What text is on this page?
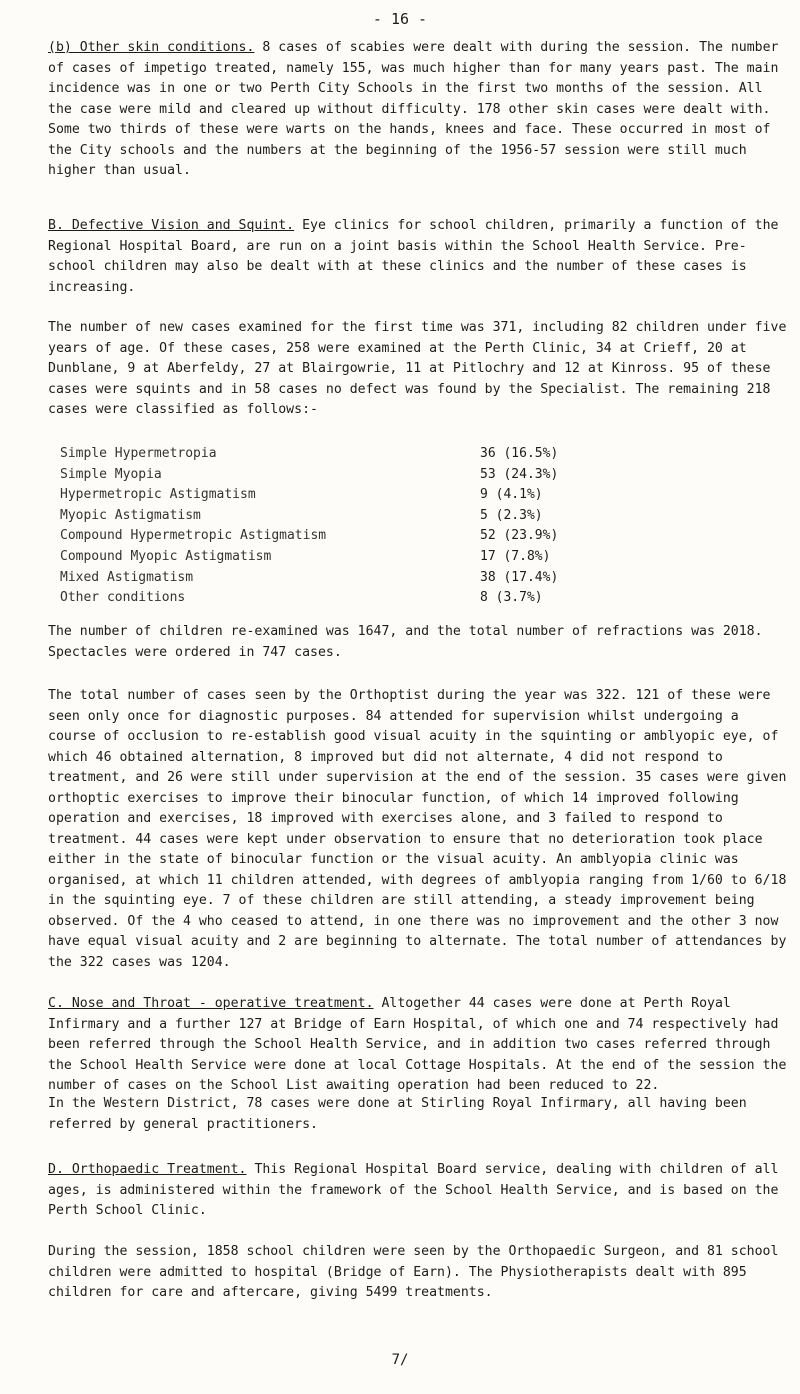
- 16 -

(b) Other skin conditions. 8 cases of scabies were dealt with during the session. The number of cases of impetigo treated, namely 155, was much higher than for many years past. The main incidence was in one or two Perth City Schools in the first two months of the session. All the case were mild and cleared up without difficulty. 178 other skin cases were dealt with. Some two thirds of these were warts on the hands, knees and face. These occurred in most of the City schools and the numbers at the beginning of the 1956-57 session were still much higher than usual.

B. Defective Vision and Squint. Eye clinics for school children, primarily a function of the Regional Hospital Board, are run on a joint basis within the School Health Service. Pre-school children may also be dealt with at these clinics and the number of these cases is increasing.

The number of new cases examined for the first time was 371, including 82 children under five years of age. Of these cases, 258 were examined at the Perth Clinic, 34 at Crieff, 20 at Dunblane, 9 at Aberfeldy, 27 at Blairgowrie, 11 at Pitlochry and 12 at Kinross. 95 of these cases were squints and in 58 cases no defect was found by the Specialist. The remaining 218 cases were classified as follows:-

Simple Hypermetropia	36 (16.5%)
Simple Myopia	53 (24.3%)
Hypermetropic Astigmatism	9 (4.1%)
Myopic Astigmatism	5 (2.3%)
Compound Hypermetropic Astigmatism	52 (23.9%)
Compound Myopic Astigmatism	17 (7.8%)
Mixed Astigmatism	38 (17.4%)
Other conditions	8 (3.7%)

The number of children re-examined was 1647, and the total number of refractions was 2018. Spectacles were ordered in 747 cases.

The total number of cases seen by the Orthoptist during the year was 322. 121 of these were seen only once for diagnostic purposes. 84 attended for supervision whilst undergoing a course of occlusion to re-establish good visual acuity in the squinting or amblyopic eye, of which 46 obtained alternation, 8 improved but did not alternate, 4 did not respond to treatment, and 26 were still under supervision at the end of the session. 35 cases were given orthoptic exercises to improve their binocular function, of which 14 improved following operation and exercises, 18 improved with exercises alone, and 3 failed to respond to treatment. 44 cases were kept under observation to ensure that no deterioration took place either in the state of binocular function or the visual acuity. An amblyopia clinic was organised, at which 11 children attended, with degrees of amblyopia ranging from 1/60 to 6/18 in the squinting eye. 7 of these children are still attending, a steady improvement being observed. Of the 4 who ceased to attend, in one there was no improvement and the other 3 now have equal visual acuity and 2 are beginning to alternate. The total number of attendances by the 322 cases was 1204.

C. Nose and Throat - operative treatment. Altogether 44 cases were done at Perth Royal Infirmary and a further 127 at Bridge of Earn Hospital, of which one and 74 respectively had been referred through the School Health Service, and in addition two cases referred through the School Health Service were done at local Cottage Hospitals. At the end of the session the number of cases on the School List awaiting operation had been reduced to 22.

In the Western District, 78 cases were done at Stirling Royal Infirmary, all having been referred by general practitioners.

D. Orthopaedic Treatment. This Regional Hospital Board service, dealing with children of all ages, is administered within the framework of the School Health Service, and is based on the Perth School Clinic.

During the session, 1858 school children were seen by the Orthopaedic Surgeon, and 81 school children were admitted to hospital (Bridge of Earn). The Physiotherapists dealt with 895 children for care and aftercare, giving 5499 treatments.

7/
